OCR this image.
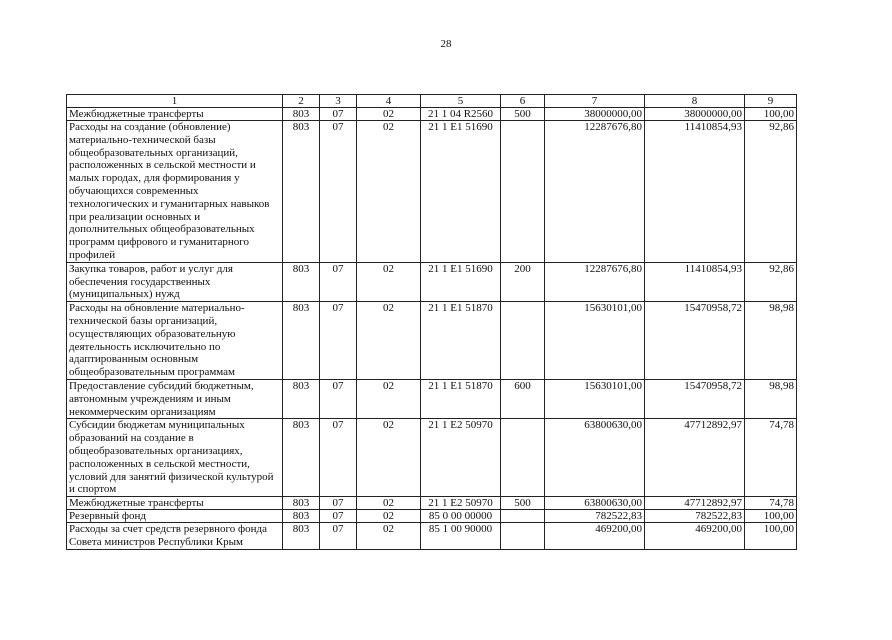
28
1	2	3	4	5	6	7	8	9
Межбюджетные трансферты	803	07	02	21 1 04 R2560	500	38000000,00	38000000,00	100,00
Расходы на создание (обновление) материально-технической базы общеобразовательных организаций, расположенных в сельской местности и малых городах, для формирования у обучающихся современных технологических и гуманитарных навыков при реализации основных и дополнительных общеобразовательных программ цифрового и гуманитарного профилей	803	07	02	21 1 E1 51690		12287676,80	11410854,93	92,86
Закупка товаров, работ и услуг для обеспечения государственных (муниципальных) нужд	803	07	02	21 1 E1 51690	200	12287676,80	11410854,93	92,86
Расходы на обновление материально-технической базы организаций, осуществляющих образовательную деятельность исключительно по адаптированным основным общеобразовательным программам	803	07	02	21 1 E1 51870		15630101,00	15470958,72	98,98
Предоставление субсидий бюджетным, автономным учреждениям и иным некоммерческим организациям	803	07	02	21 1 E1 51870	600	15630101,00	15470958,72	98,98
Субсидии бюджетам муниципальных образований на создание в общеобразовательных организациях, расположенных в сельской местности, условий для занятий физической культурой и спортом	803	07	02	21 1 E2 50970		63800630,00	47712892,97	74,78
Межбюджетные трансферты	803	07	02	21 1 E2 50970	500	63800630,00	47712892,97	74,78
Резервный фонд	803	07	02	85 0 00 00000		782522,83	782522,83	100,00
Расходы за счет средств резервного фонда Совета министров Республики Крым	803	07	02	85 1 00 90000		469200,00	469200,00	100,00
